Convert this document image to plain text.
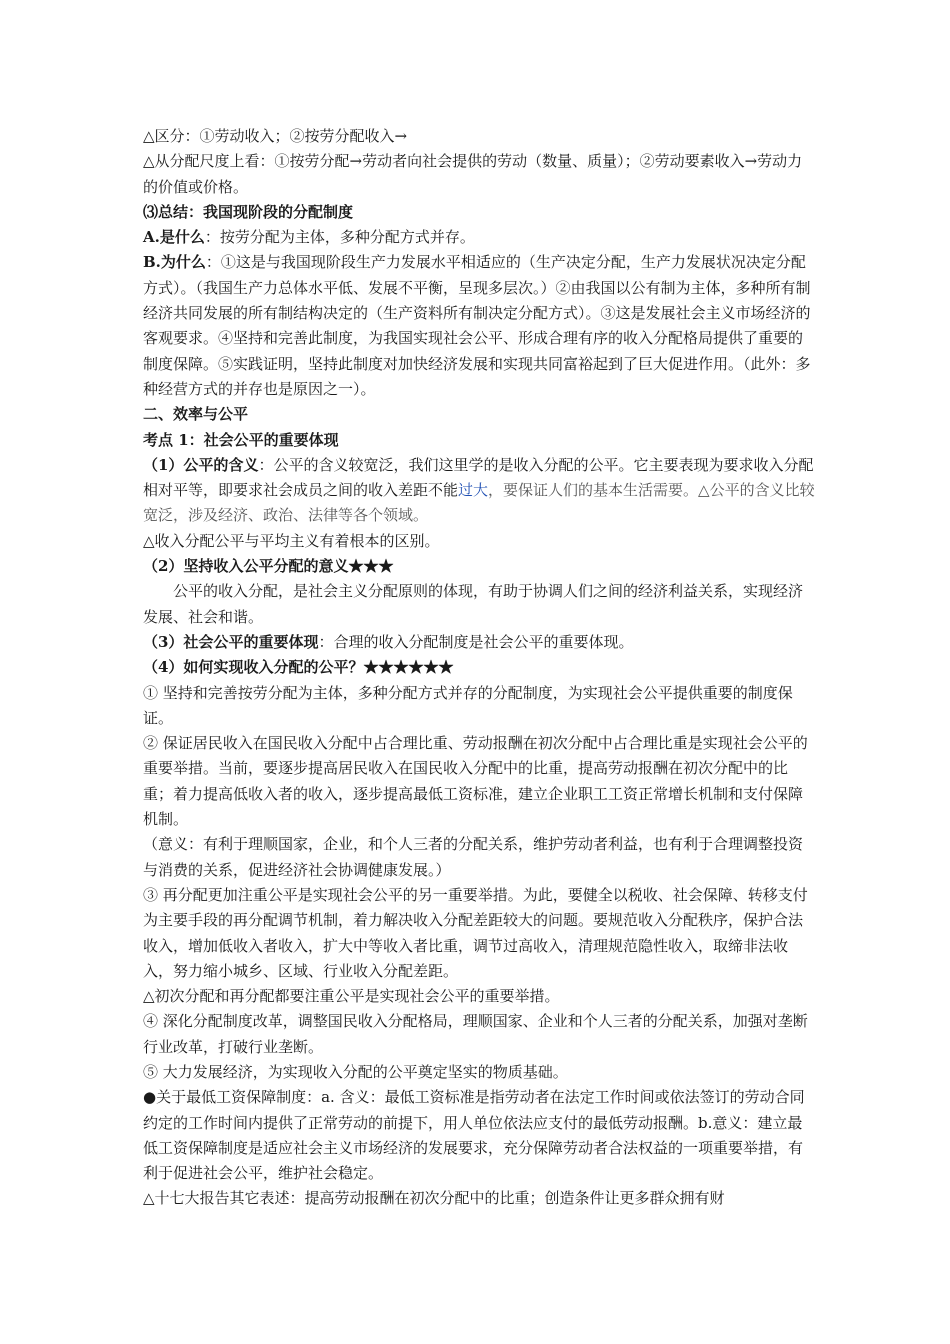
△区分：①劳动收入；②按劳分配收入→

△从分配尺度上看：①按劳分配→劳动者向社会提供的劳动（数量、质量）；②劳动要素收入→劳动力的价值或价格。

⑶总结：我国现阶段的分配制度

A.是什么：按劳分配为主体，多种分配方式并存。

B.为什么：①这是与我国现阶段生产力发展水平相适应的（生产决定分配，生产力发展状况决定分配方式）。（我国生产力总体水平低、发展不平衡，呈现多层次。）②由我国以公有制为主体，多种所有制经济共同发展的所有制结构决定的（生产资料所有制决定分配方式）。③这是发展社会主义市场经济的客观要求。④坚持和完善此制度，为我国实现社会公平、形成合理有序的收入分配格局提供了重要的制度保障。⑤实践证明，坚持此制度对加快经济发展和实现共同富裕起到了巨大促进作用。（此外：多种经营方式的并存也是原因之一）。

二、效率与公平

考点 1：社会公平的重要体现

（1）公平的含义：公平的含义较宽泛，我们这里学的是收入分配的公平。它主要表现为要求收入分配相对平等，即要求社会成员之间的收入差距不能过大，要保证人们的基本生活需要。△公平的含义比较宽泛，涉及经济、政治、法律等各个领域。

△收入分配公平与平均主义有着根本的区别。

（2）坚持收入公平分配的意义★★★

公平的收入分配，是社会主义分配原则的体现，有助于协调人们之间的经济利益关系，实现经济发展、社会和谐。

（3）社会公平的重要体现：合理的收入分配制度是社会公平的重要体现。

（4）如何实现收入分配的公平？★★★★★★

① 坚持和完善按劳分配为主体，多种分配方式并存的分配制度，为实现社会公平提供重要的制度保证。

② 保证居民收入在国民收入分配中占合理比重、劳动报酬在初次分配中占合理比重是实现社会公平的重要举措。当前，要逐步提高居民收入在国民收入分配中的比重，提高劳动报酬在初次分配中的比重；着力提高低收入者的收入，逐步提高最低工资标准，建立企业职工工资正常增长机制和支付保障机制。

（意义：有利于理顺国家，企业，和个人三者的分配关系，维护劳动者利益，也有利于合理调整投资与消费的关系，促进经济社会协调健康发展。）

③ 再分配更加注重公平是实现社会公平的另一重要举措。为此，要健全以税收、社会保障、转移支付为主要手段的再分配调节机制，着力解决收入分配差距较大的问题。要规范收入分配秩序，保护合法收入，增加低收入者收入，扩大中等收入者比重，调节过高收入，清理规范隐性收入，取缔非法收入，努力缩小城乡、区域、行业收入分配差距。

△初次分配和再分配都要注重公平是实现社会公平的重要举措。

④ 深化分配制度改革，调整国民收入分配格局，理顺国家、企业和个人三者的分配关系，加强对垄断行业改革，打破行业垄断。

⑤ 大力发展经济，为实现收入分配的公平奠定坚实的物质基础。

●关于最低工资保障制度：a. 含义：最低工资标准是指劳动者在法定工作时间或依法签订的劳动合同约定的工作时间内提供了正常劳动的前提下，用人单位依法应支付的最低劳动报酬。b.意义：建立最低工资保障制度是适应社会主义市场经济的发展要求，充分保障劳动者合法权益的一项重要举措，有利于促进社会公平，维护社会稳定。

△十七大报告其它表述：提高劳动报酬在初次分配中的比重；创造条件让更多群众拥有财
